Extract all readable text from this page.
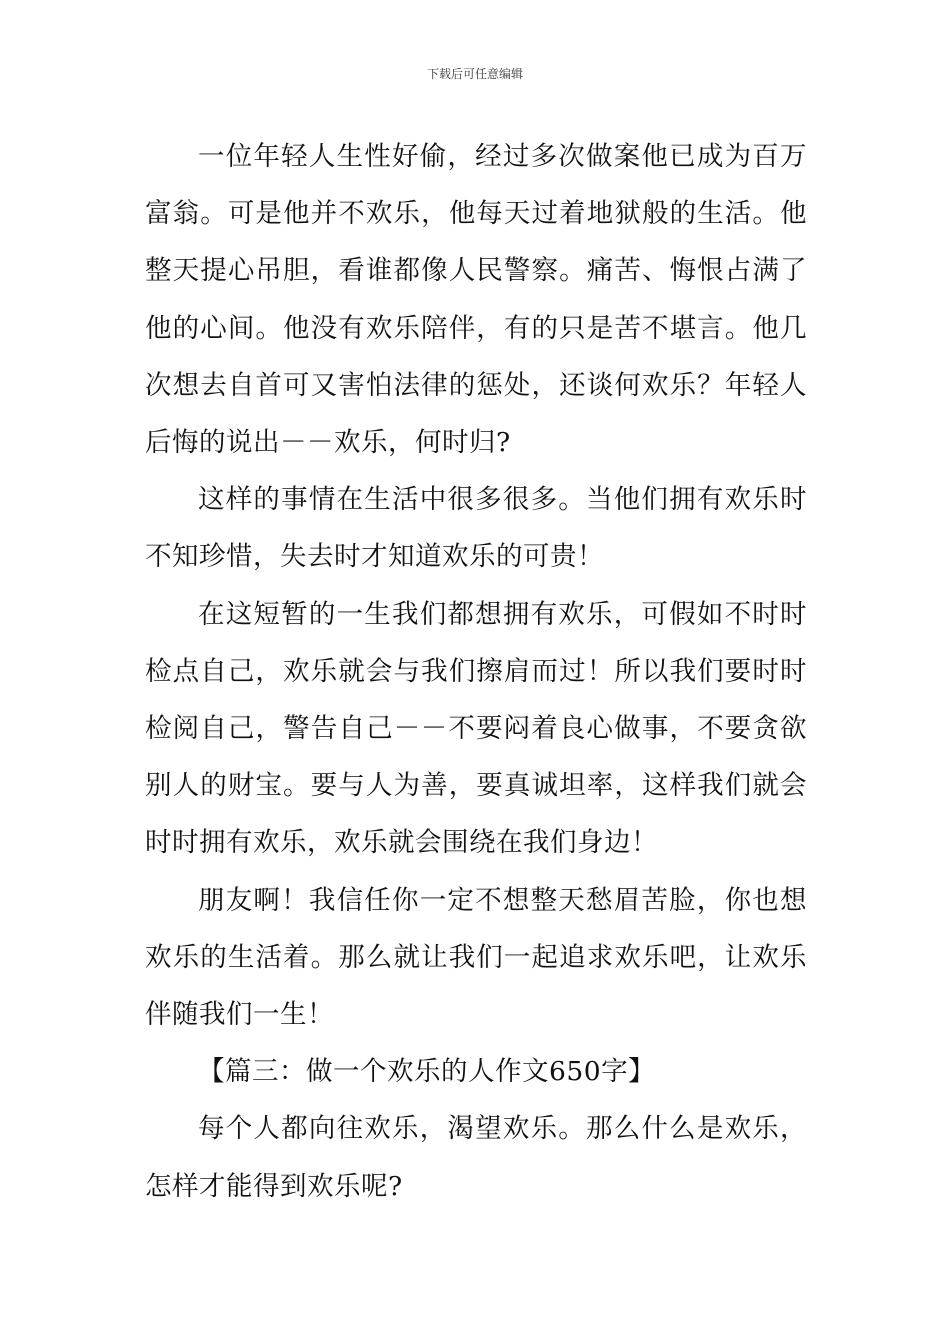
下载后可任意编辑

一位年轻人生性好偷，经过多次做案他已成为百万富翁。可是他并不欢乐，他每天过着地狱般的生活。他整天提心吊胆，看谁都像人民警察。痛苦、悔恨占满了他的心间。他没有欢乐陪伴，有的只是苦不堪言。他几次想去自首可又害怕法律的惩处，还谈何欢乐？年轻人后悔的说出－－欢乐，何时归?

这样的事情在生活中很多很多。当他们拥有欢乐时不知珍惜，失去时才知道欢乐的可贵！

在这短暂的一生我们都想拥有欢乐，可假如不时时检点自己，欢乐就会与我们擦肩而过！所以我们要时时检阅自己，警告自己－－不要闷着良心做事，不要贪欲别人的财宝。要与人为善，要真诚坦率，这样我们就会时时拥有欢乐，欢乐就会围绕在我们身边！

朋友啊！我信任你一定不想整天愁眉苦脸，你也想欢乐的生活着。那么就让我们一起追求欢乐吧，让欢乐伴随我们一生！

【篇三：做一个欢乐的人作文650字】

每个人都向往欢乐，渴望欢乐。那么什么是欢乐，怎样才能得到欢乐呢?
